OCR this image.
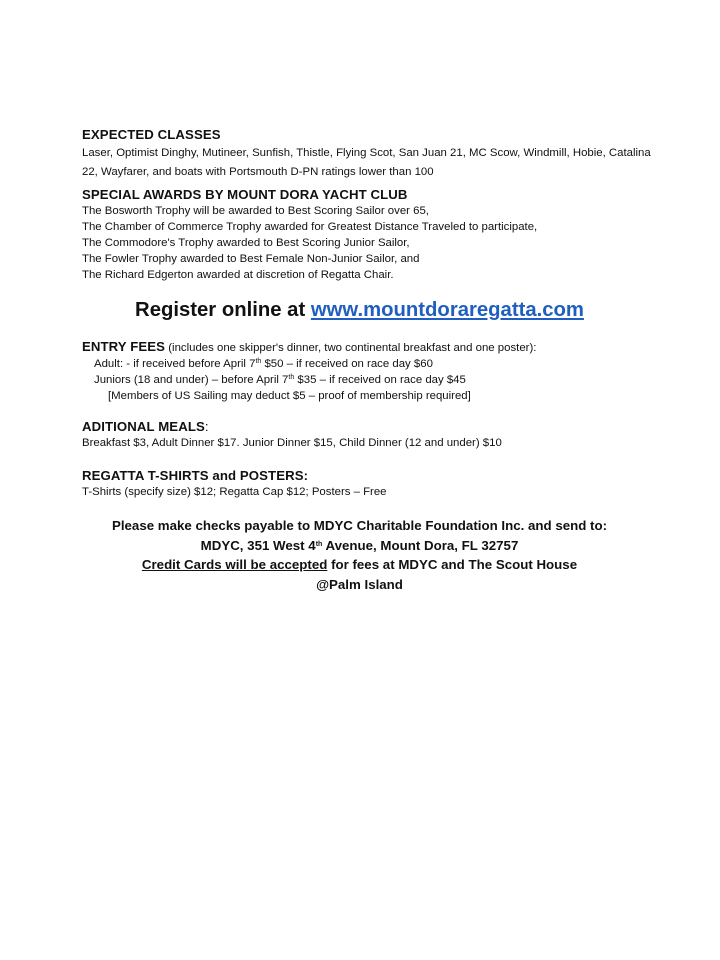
EXPECTED CLASSES
Laser, Optimist Dinghy, Mutineer, Sunfish, Thistle, Flying Scot, San Juan 21, MC Scow, Windmill, Hobie, Catalina 22, Wayfarer, and boats with Portsmouth D-PN ratings lower than 100
SPECIAL AWARDS BY MOUNT DORA YACHT CLUB
The Bosworth Trophy will be awarded to Best Scoring Sailor over 65,
The Chamber of Commerce Trophy awarded for Greatest Distance Traveled to participate,
The Commodore's Trophy awarded to Best Scoring Junior Sailor,
The Fowler Trophy awarded to Best Female Non-Junior Sailor, and
The Richard Edgerton awarded at discretion of Regatta Chair.
Register online at www.mountdoraregatta.com
ENTRY FEES (includes one skipper's dinner, two continental breakfast and one poster):
Adult: - if received before April 7th $50 – if received on race day $60
Juniors (18 and under) – before April 7th $35 – if received on race day $45
[Members of US Sailing may deduct $5 – proof of membership required]
ADITIONAL MEALS:
Breakfast $3, Adult Dinner $17. Junior Dinner $15, Child Dinner (12 and under) $10
REGATTA T-SHIRTS and POSTERS:
T-Shirts (specify size) $12; Regatta Cap $12; Posters – Free
Please make checks payable to MDYC Charitable Foundation Inc. and send to:
MDYC, 351 West 4th Avenue, Mount Dora, FL 32757
Credit Cards will be accepted for fees at MDYC and The Scout House
@Palm Island
